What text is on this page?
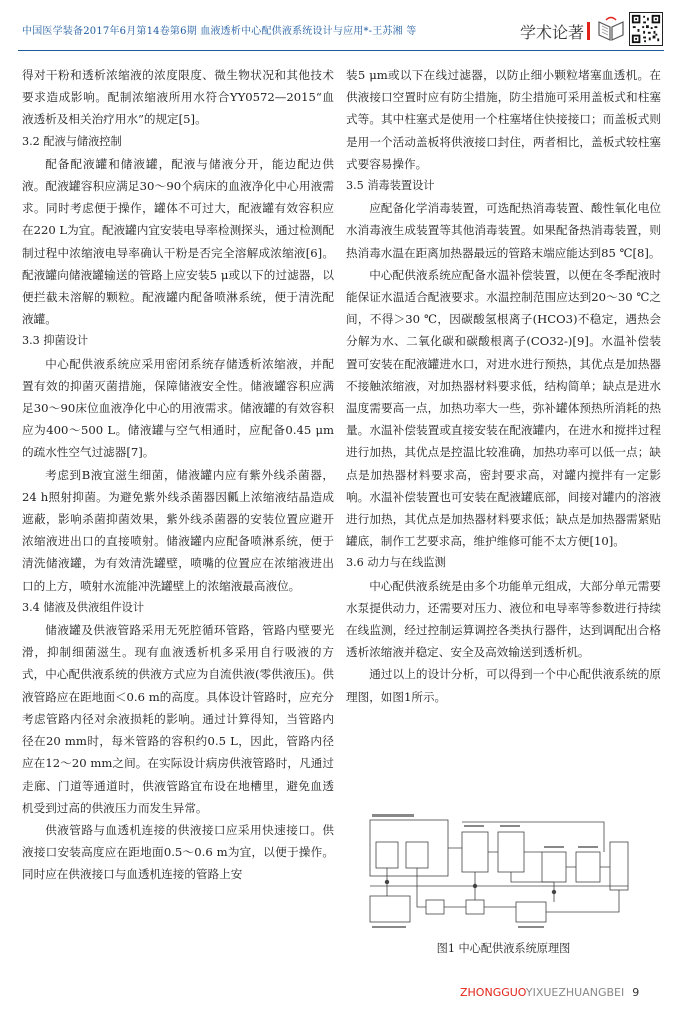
中国医学装备2017年6月第14卷第6期 血液透析中心配供液系统设计与应用*-王苏湘 等	学术论著

得对干粉和透析浓缩液的浓度限度、微生物状况和其他技术要求造成影响。配制浓缩液所用水符合YY0572—2015“血液透析及相关治疗用水”的规定[5]。

3.2 配液与储液控制

配备配液罐和储液罐，配液与储液分开，能边配边供液。配液罐容积应满足30～90个病床的血液净化中心用液需求。同时考虑便于操作，罐体不可过大，配液罐有效容积应在220 L为宜。配液罐内宜安装电导率检测探头，通过检测配制过程中浓缩液电导率确认干粉是否完全溶解成浓缩液[6]。配液罐向储液罐输送的管路上应安装5 μ或以下的过滤器，以便拦截未溶解的颗粒。配液罐内配备喷淋系统，便于清洗配液罐。

3.3 抑菌设计

中心配供液系统应采用密闭系统存储透析浓缩液，并配置有效的抑菌灭菌措施，保障储液安全性。储液罐容积应满足30～90床位血液净化中心的用液需求。储液罐的有效容积应为400～500 L。储液罐与空气相通时，应配备0.45 μm的疏水性空气过滤器[7]。

考虑到B液宜滋生细菌，储液罐内应有紫外线杀菌器，24 h照射抑菌。为避免紫外线杀菌器因瓤上浓缩液结晶造成遮蔽，影响杀菌抑菌效果，紫外线杀菌器的安装位置应避开浓缩液进出口的直接喷射。储液罐内应配备喷淋系统，便于清洗储液罐，为有效清洗罐壁，喷嘴的位置应在浓缩液进出口的上方，喷射水流能冲洗罐壁上的浓缩液最高液位。

3.4 储液及供液组件设计

储液罐及供液管路采用无死腔循环管路，管路内壁要光滑，抑制细菌滋生。现有血液透析机多采用自行吸液的方式，中心配供液系统的供液方式应为自流供液(零供液压)。供液管路应在距地面＜0.6 m的高度。具体设计管路时，应充分考虑管路内径对余液损耗的影响。通过计算得知，当管路内径在20 mm时，每米管路的容积约0.5 L，因此，管路内径应在12～20 mm之间。在实际设计病房供液管路时，凡通过走廊、门道等通道时，供液管路宜布设在地槽里，避免血透机受到过高的供液压力而发生异常。

供液管路与血透机连接的供液接口应采用快速接口。供液接口安装高度应在距地面0.5～0.6 m为宜，以便于操作。同时应在供液接口与血透机连接的管路上安

装5 μm或以下在线过滤器，以防止细小颗粒堵塞血透机。在供液接口空置时应有防尘措施，防尘措施可采用盖板式和柱塞式等。其中柱塞式是使用一个柱塞堵住快接接口；而盖板式则是用一个活动盖板将供液接口封住，两者相比，盖板式较柱塞式要容易操作。

3.5 消毒装置设计

应配备化学消毒装置，可选配热消毒装置、酸性氧化电位水消毒液生成装置等其他消毒装置。如果配备热消毒装置，则热消毒水温在距离加热器最远的管路末端应能达到85 ℃[8]。

中心配供液系统应配备水温补偿装置，以便在冬季配液时能保证水温适合配液要求。水温控制范围应达到20～30 ℃之间，不得＞30 ℃，因碳酸氢根离子(HCO3)不稳定，遇热会分解为水、二氧化碳和碳酸根离子(CO32-)[9]。水温补偿装置可安装在配液罐进水口，对进水进行预热，其优点是加热器不接触浓缩液，对加热器材料要求低，结构简单；缺点是进水温度需要高一点，加热功率大一些，弥补罐体预热所消耗的热量。水温补偿装置或直接安装在配液罐内，在进水和搅拌过程进行加热，其优点是控温比较准确，加热功率可以低一点；缺点是加热器材料要求高，密封要求高，对罐内搅拌有一定影响。水温补偿装置也可安装在配液罐底部，间接对罐内的溶液进行加热，其优点是加热器材料要求低；缺点是加热器需紧贴罐底，制作工艺要求高，维护维修可能不太方便[10]。

3.6 动力与在线监测

中心配供液系统是由多个功能单元组成，大部分单元需要水泵提供动力，还需要对压力、液位和电导率等参数进行持续在线监测，经过控制运算调控各类执行器件，达到调配出合格透析浓缩液并稳定、安全及高效输送到透析机。

通过以上的设计分析，可以得到一个中心配供液系统的原理图，如图1所示。

图1 中心配供液系统原理图
ZHONGGUOYIXUEZHUANGBEI 9
